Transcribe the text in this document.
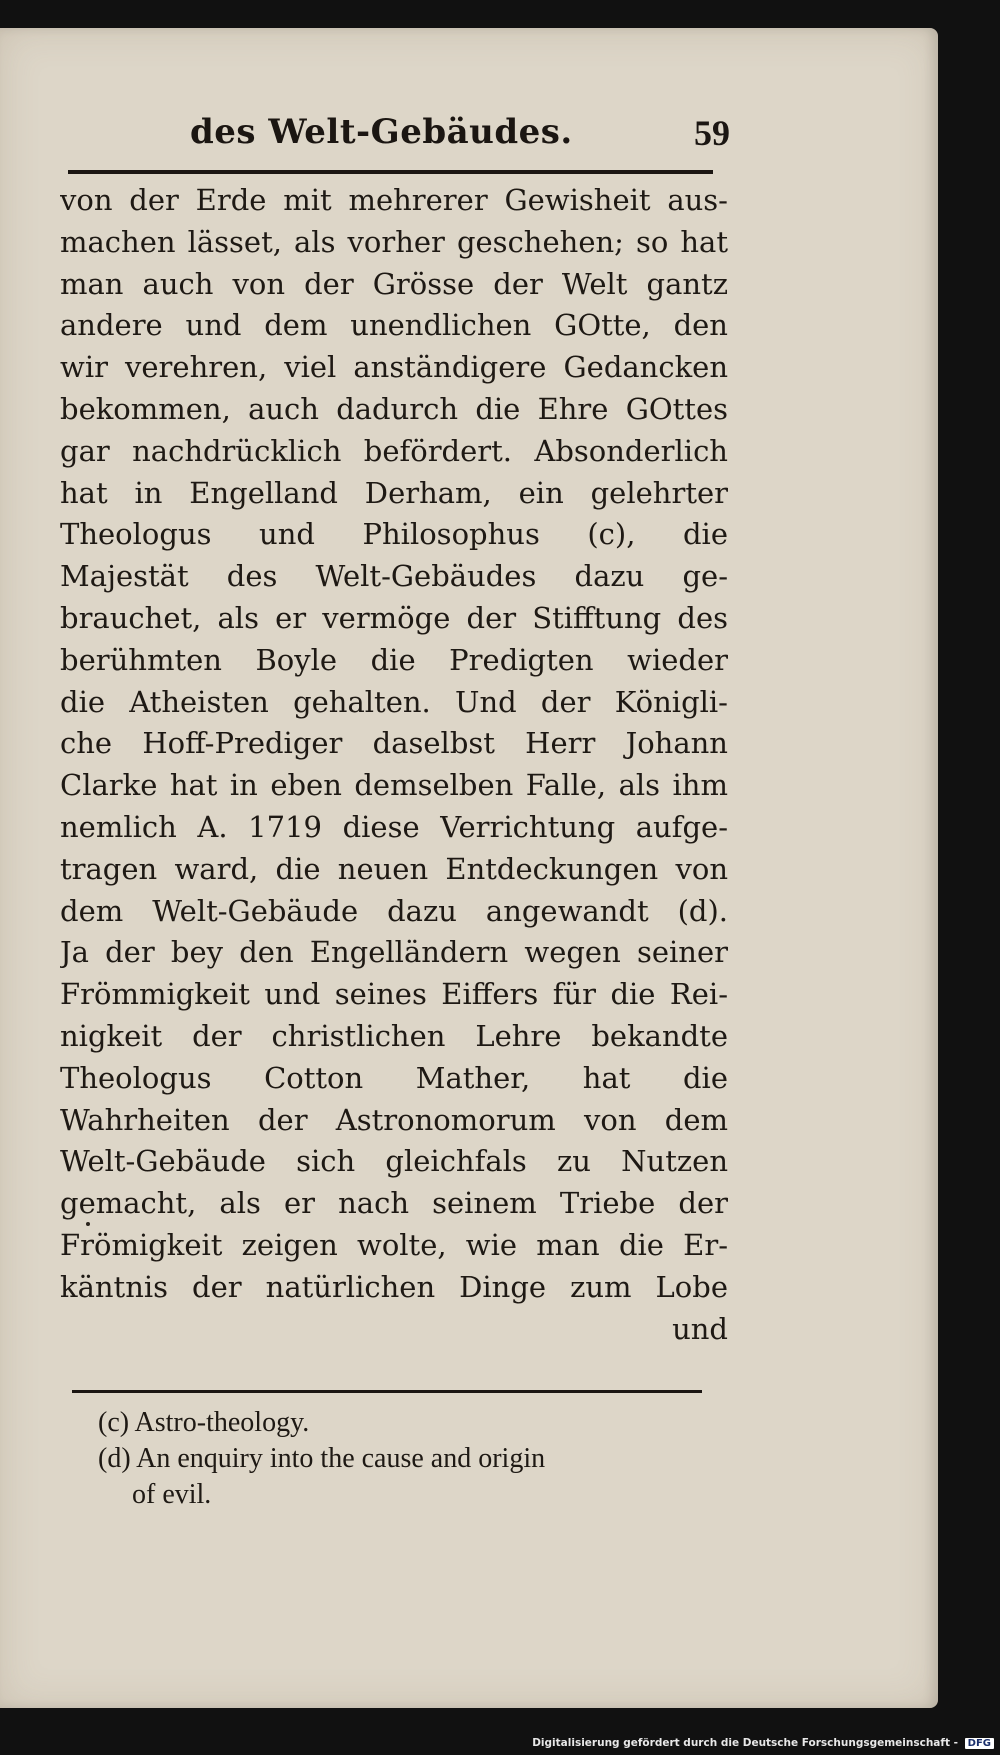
des Welt-Gebäudes.	59
von der Erde mit mehrerer Gewisheit aus-
machen lässet, als vorher geschehen; so hat
man auch von der Grösse der Welt gantz
andere und dem unendlichen GOtte, den
wir verehren, viel anständigere Gedancken
bekommen, auch dadurch die Ehre GOttes
gar nachdrücklich befördert. Absonderlich
hat in Engelland Derham, ein gelehrter
Theologus und Philosophus (c), die
Majestät des Welt-Gebäudes dazu ge-
brauchet, als er vermöge der Stifftung des
berühmten Boyle die Predigten wieder
die Atheisten gehalten. Und der Königli-
che Hoff-Prediger daselbst Herr Johann
Clarke hat in eben demselben Falle, als ihm
nemlich A. 1719 diese Verrichtung aufge-
tragen ward, die neuen Entdeckungen von
dem Welt-Gebäude dazu angewandt (d).
Ja der bey den Engelländern wegen seiner
Frömmigkeit und seines Eiffers für die Rei-
nigkeit der christlichen Lehre bekandte
Theologus Cotton Mather, hat die
Wahrheiten der Astronomorum von dem
Welt-Gebäude sich gleichfals zu Nutzen
gemacht, als er nach seinem Triebe der
Frömigkeit zeigen wolte, wie man die Er-
käntnis der natürlichen Dinge zum Lobe
und
(c) Astro-theology.
(d) An enquiry into the cause and origin
of evil.
Digitalisierung gefördert durch die Deutsche Forschungsgemeinschaft - DFG
